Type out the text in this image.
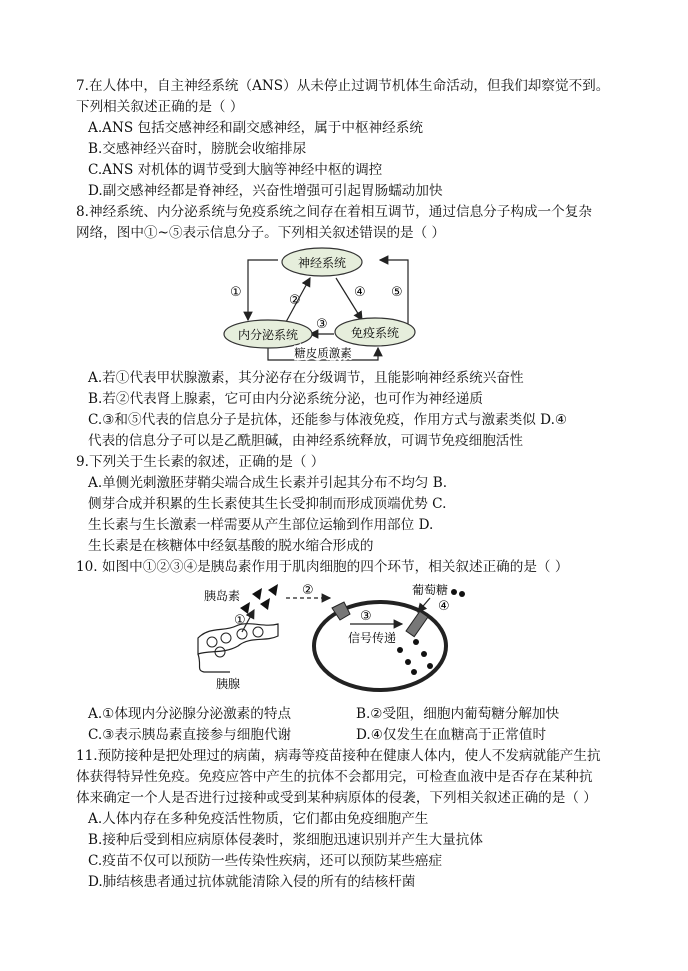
7.在人体中，自主神经系统（ANS）从未停止过调节机体生命活动，但我们却察觉不到。
下列相关叙述正确的是（ ）
A.ANS 包括交感神经和副交感神经，属于中枢神经系统
B.交感神经兴奋时，膀胱会收缩排尿
C.ANS 对机体的调节受到大脑等神经中枢的调控
D.副交感神经都是脊神经，兴奋性增强可引起胃肠蠕动加快
8.神经系统、内分泌系统与免疫系统之间存在着相互调节，通过信息分子构成一个复杂
网络，图中①~⑤表示信息分子。下列相关叙述错误的是（ ）
神经系统
内分泌系统	免疫系统
糖皮质激素
①
②
③
④ ⑤
A.若①代表甲状腺激素，其分泌存在分级调节，且能影响神经系统兴奋性
B.若②代表肾上腺素，它可由内分泌系统分泌，也可作为神经递质
C.③和⑤代表的信息分子是抗体，还能参与体液免疫，作用方式与激素类似 D.④
代表的信息分子可以是乙酰胆碱，由神经系统释放，可调节免疫细胞活性
9.下列关于生长素的叙述，正确的是（ ）
A.单侧光刺激胚芽鞘尖端合成生长素并引起其分布不均匀 B.
侧芽合成并积累的生长素使其生长受抑制而形成顶端优势 C.
生长素与生长激素一样需要从产生部位运输到作用部位 D.
生长素是在核糖体中经氨基酸的脱水缩合形成的
10. 如图中①②③④是胰岛素作用于肌肉细胞的四个环节，相关叙述正确的是（ ）
胰岛素
①
胰腺
②
③
信号传递
葡萄糖
④
A.①体现内分泌腺分泌激素的特点	B.②受阻，细胞内葡萄糖分解加快
C.③表示胰岛素直接参与细胞代谢	D.④仅发生在血糖高于正常值时
11.预防接种是把处理过的病菌，病毒等疫苗接种在健康人体内，使人不发病就能产生抗
体获得特异性免疫。免疫应答中产生的抗体不会都用完，可检查血液中是否存在某种抗
体来确定一个人是否进行过接种或受到某种病原体的侵袭，下列相关叙述正确的是（ ）
A.人体内存在多种免疫活性物质，它们都由免疫细胞产生
B.接种后受到相应病原体侵袭时，浆细胞迅速识别并产生大量抗体
C.疫苗不仅可以预防一些传染性疾病，还可以预防某些癌症
D.肺结核患者通过抗体就能清除入侵的所有的结核杆菌
